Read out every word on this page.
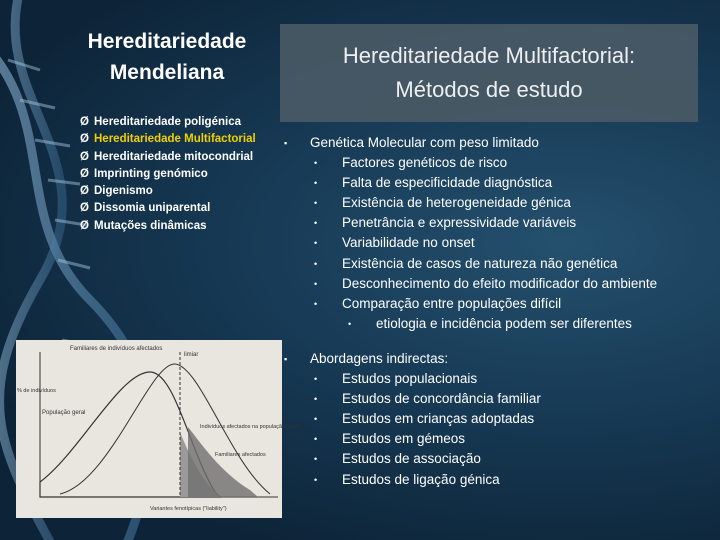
Hereditariedade
Mendeliana
Ø Hereditariedade poligénica
Ø Hereditariedade Multifactorial
Ø Hereditariedade mitocondrial
Ø Imprinting genómico
Ø Digenismo
Ø Dissomia uniparental
Ø Mutações dinâmicas
Hereditariedade Multifactorial:
Métodos de estudo
▪	Genética Molecular com peso limitado
•	Factores genéticos de risco
•	Falta de especificidade diagnóstica
•	Existência de heterogeneidade génica
•	Penetrância e expressividade variáveis
•	Variabilidade no onset
•	Existência de casos de natureza não genética
•	Desconhecimento do efeito modificador do ambiente
•	Comparação entre populações difícil
•	etiologia e incidência podem ser diferentes
▪	Abordagens indirectas:
•	Estudos populacionais
•	Estudos de concordância familiar
•	Estudos em crianças adoptadas
•	Estudos em gémeos
•	Estudos de associação
•	Estudos de ligação génica
Familiares de indivíduos afectados
População geral
limiar
Indivíduos afectados na população geral
Familiares afectados
% de indivíduos
Variantes fenotípicas ("liability")
